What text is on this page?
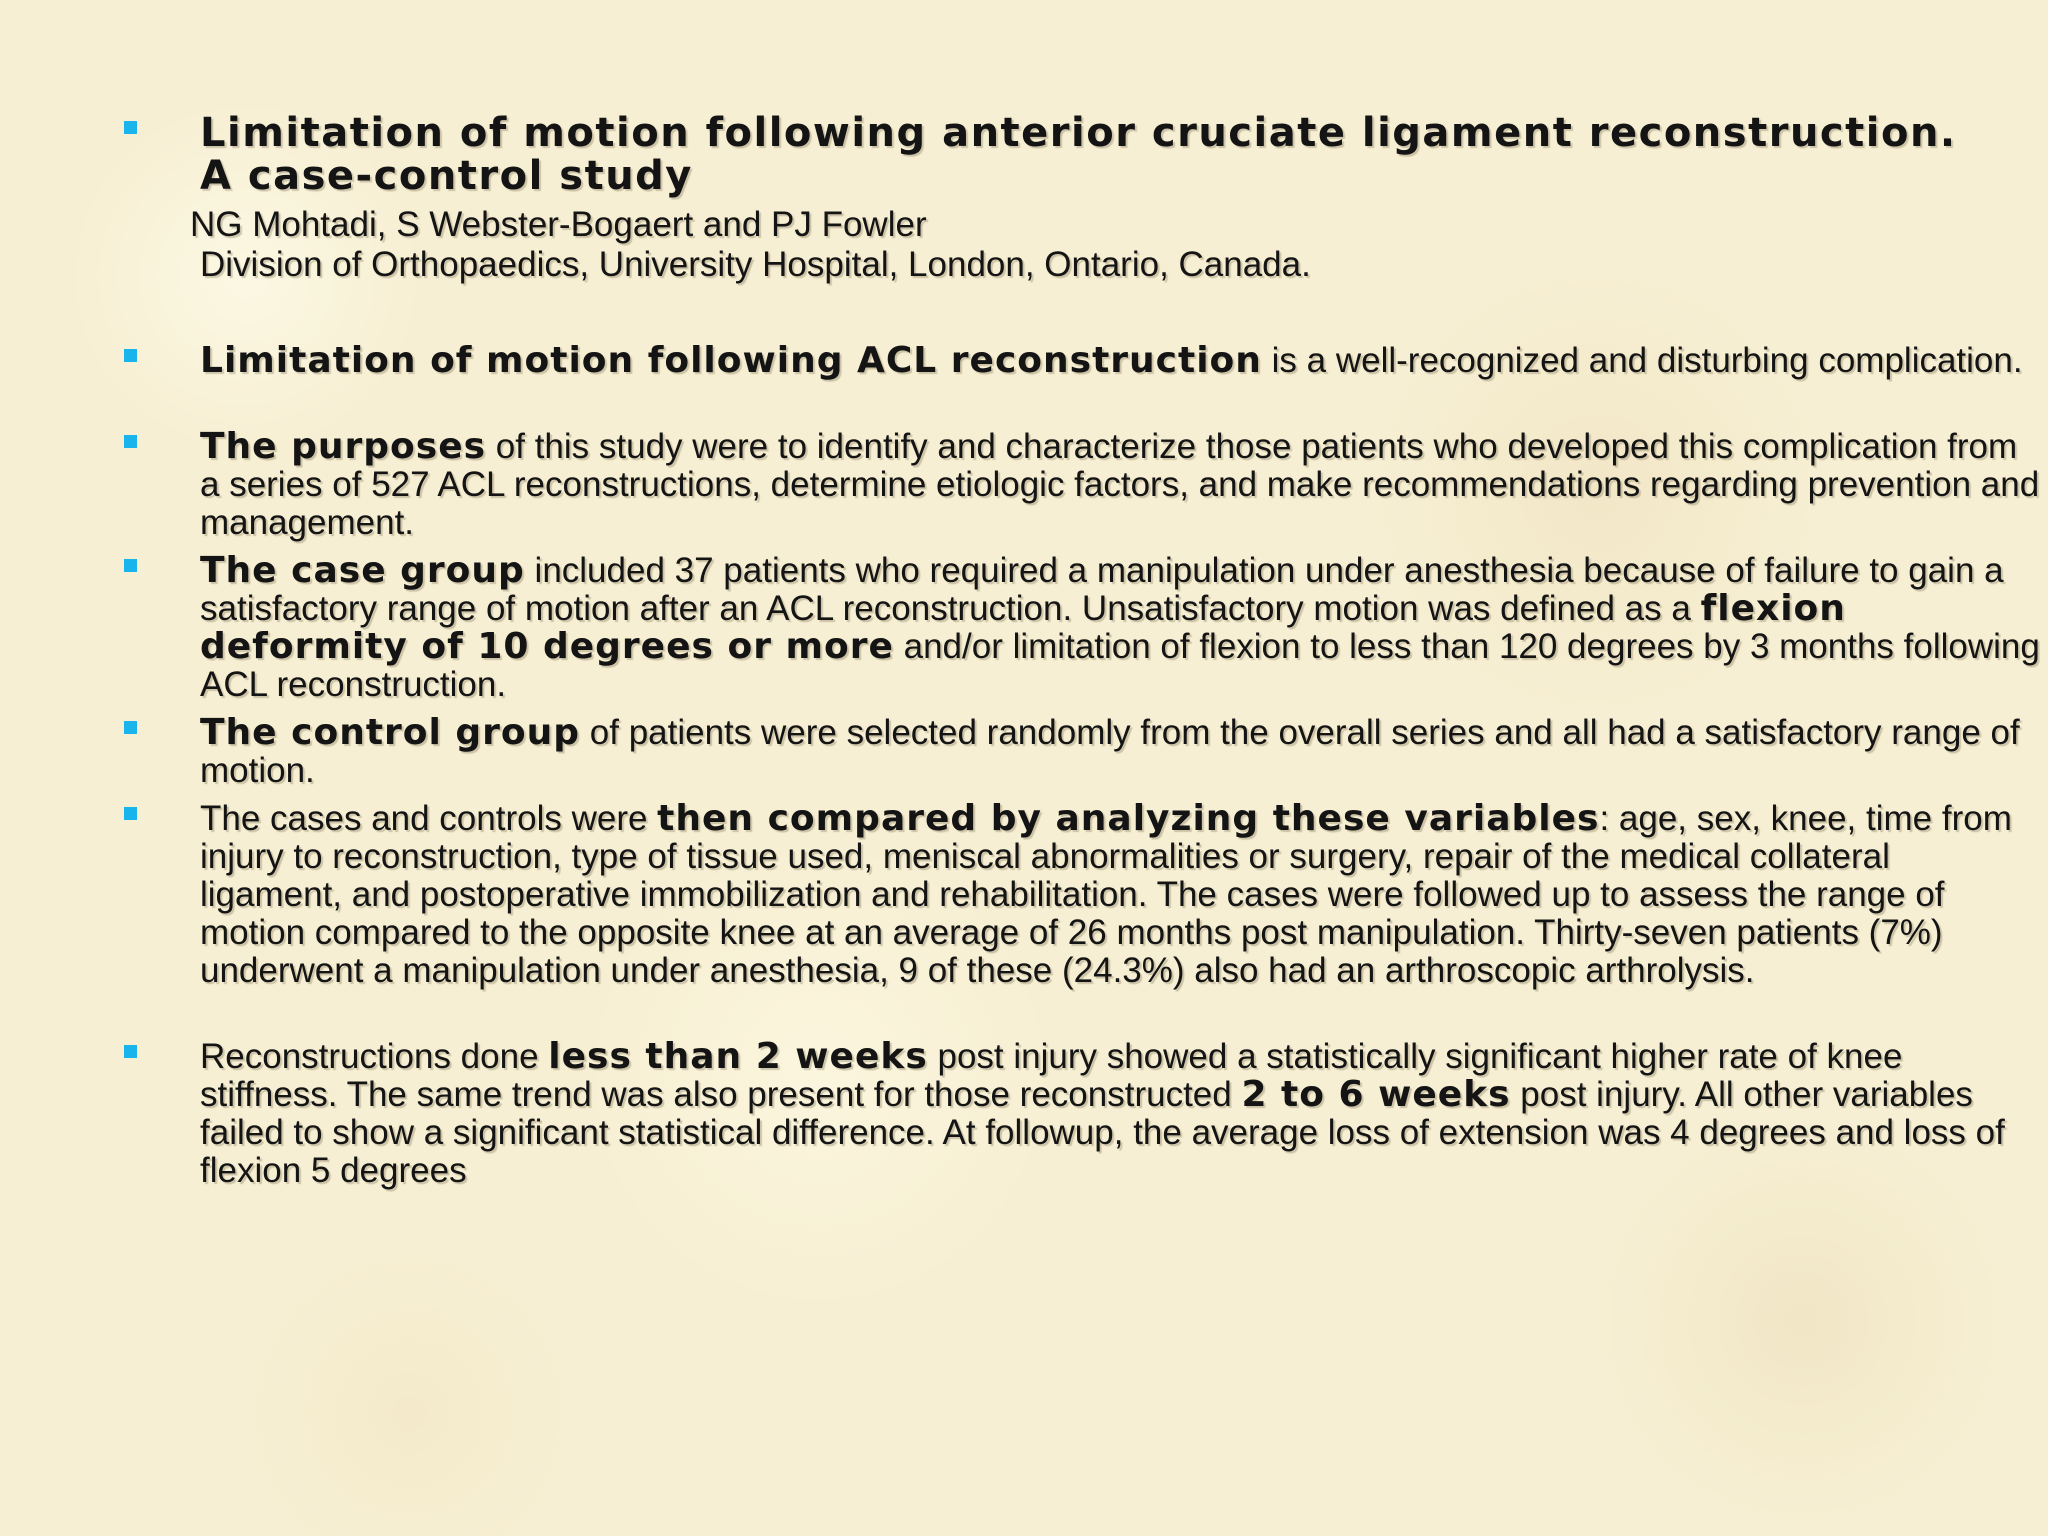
Limitation of motion following anterior cruciate ligament reconstruction.
A case-control study
NG Mohtadi, S Webster-Bogaert and PJ Fowler
Division of Orthopaedics, University Hospital, London, Ontario, Canada.
Limitation of motion following ACL reconstruction is a well-recognized and disturbing complication.
The purposes of this study were to identify and characterize those patients who developed this complication from a series of 527 ACL reconstructions, determine etiologic factors, and make recommendations regarding prevention and management.
The case group included 37 patients who required a manipulation under anesthesia because of failure to gain a satisfactory range of motion after an ACL reconstruction. Unsatisfactory motion was defined as a flexion deformity of 10 degrees or more and/or limitation of flexion to less than 120 degrees by 3 months following ACL reconstruction.
The control group of patients were selected randomly from the overall series and all had a satisfactory range of motion.
The cases and controls were then compared by analyzing these variables: age, sex, knee, time from injury to reconstruction, type of tissue used, meniscal abnormalities or surgery, repair of the medical collateral ligament, and postoperative immobilization and rehabilitation. The cases were followed up to assess the range of motion compared to the opposite knee at an average of 26 months post manipulation. Thirty-seven patients (7%) underwent a manipulation under anesthesia, 9 of these (24.3%) also had an arthroscopic arthrolysis.
Reconstructions done less than 2 weeks post injury showed a statistically significant higher rate of knee stiffness. The same trend was also present for those reconstructed 2 to 6 weeks post injury. All other variables failed to show a significant statistical difference. At followup, the average loss of extension was 4 degrees and loss of flexion 5 degrees
